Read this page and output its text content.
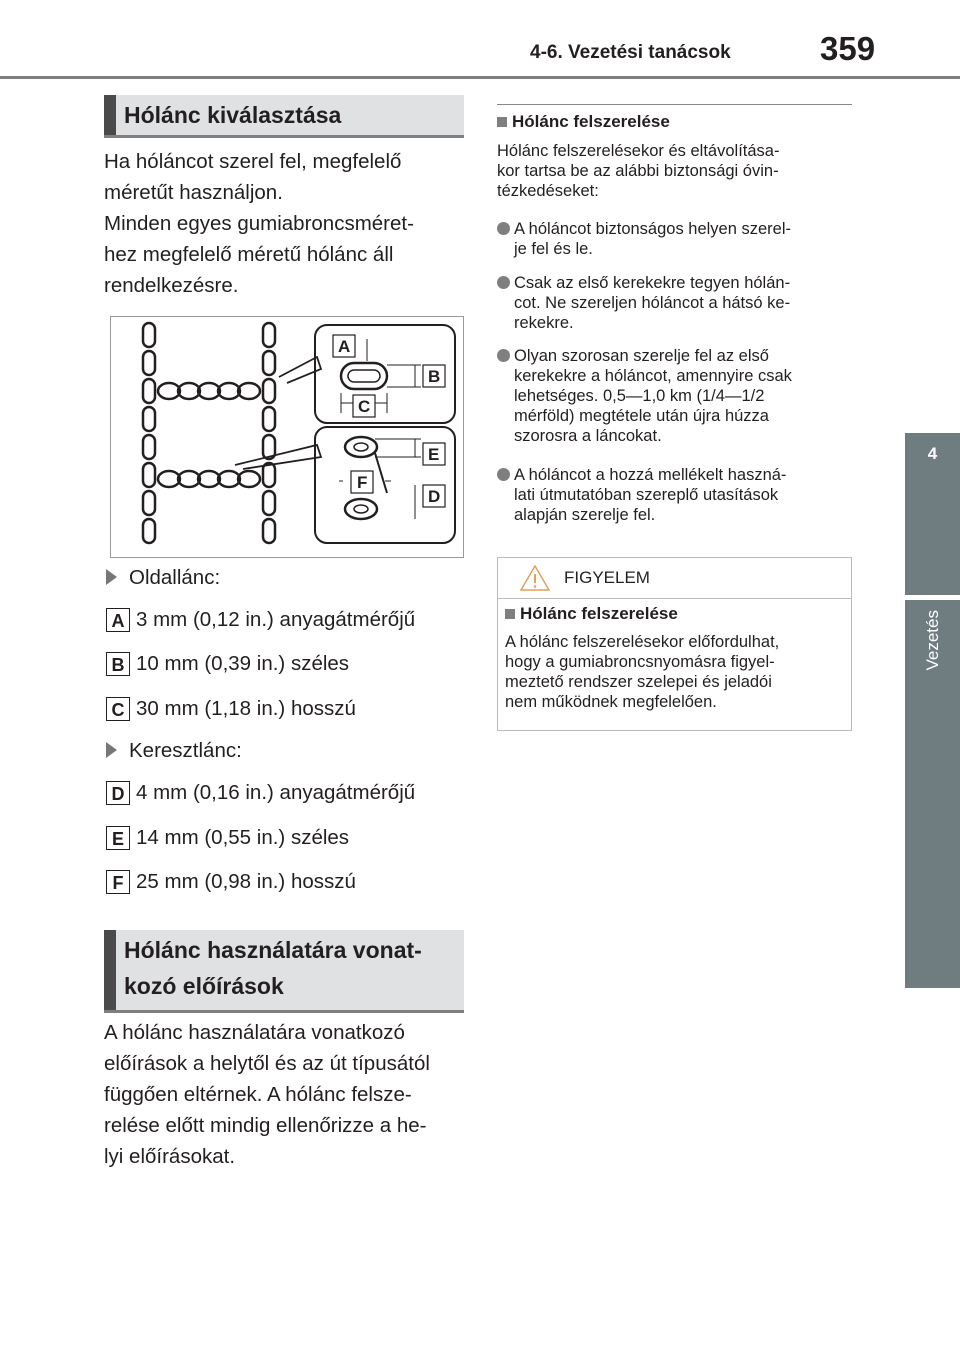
4-6. Vezetési tanácsok	359
4
Vezetés
Hólánc kiválasztása
Ha hóláncot szerel fel, megfelelő
méretűt használjon.
Minden egyes gumiabroncsméret-
hez megfelelő méretű hólánc áll
rendelkezésre.
A
B
C
E
F
D
Oldallánc:
A 3 mm (0,12 in.) anyagátmérőjű
B 10 mm (0,39 in.) széles
C 30 mm (1,18 in.) hosszú
Keresztlánc:
D 4 mm (0,16 in.) anyagátmérőjű
E 14 mm (0,55 in.) széles
F 25 mm (0,98 in.) hosszú
Hólánc használatára vonat-
kozó előírások
A hólánc használatára vonatkozó
előírások a helytől és az út típusától
függően eltérnek. A hólánc felsze-
relése előtt mindig ellenőrizze a he-
lyi előírásokat.
Hólánc felszerelése
Hólánc felszerelésekor és eltávolítása-
kor tartsa be az alábbi biztonsági óvin-
tézkedéseket:
A hóláncot biztonságos helyen szerel-
je fel és le.
Csak az első kerekekre tegyen hólán-
cot. Ne szereljen hóláncot a hátsó ke-
rekekre.
Olyan szorosan szerelje fel az első
kerekekre a hóláncot, amennyire csak
lehetséges. 0,5—1,0 km (1/4—1/2
mérföld) megtétele után újra húzza
szorosra a láncokat.
A hóláncot a hozzá mellékelt haszná-
lati útmutatóban szereplő utasítások
alapján szerelje fel.
FIGYELEM
Hólánc felszerelése
A hólánc felszerelésekor előfordulhat,
hogy a gumiabroncsnyomásra figyel-
meztető rendszer szelepei és jeladói
nem működnek megfelelően.
